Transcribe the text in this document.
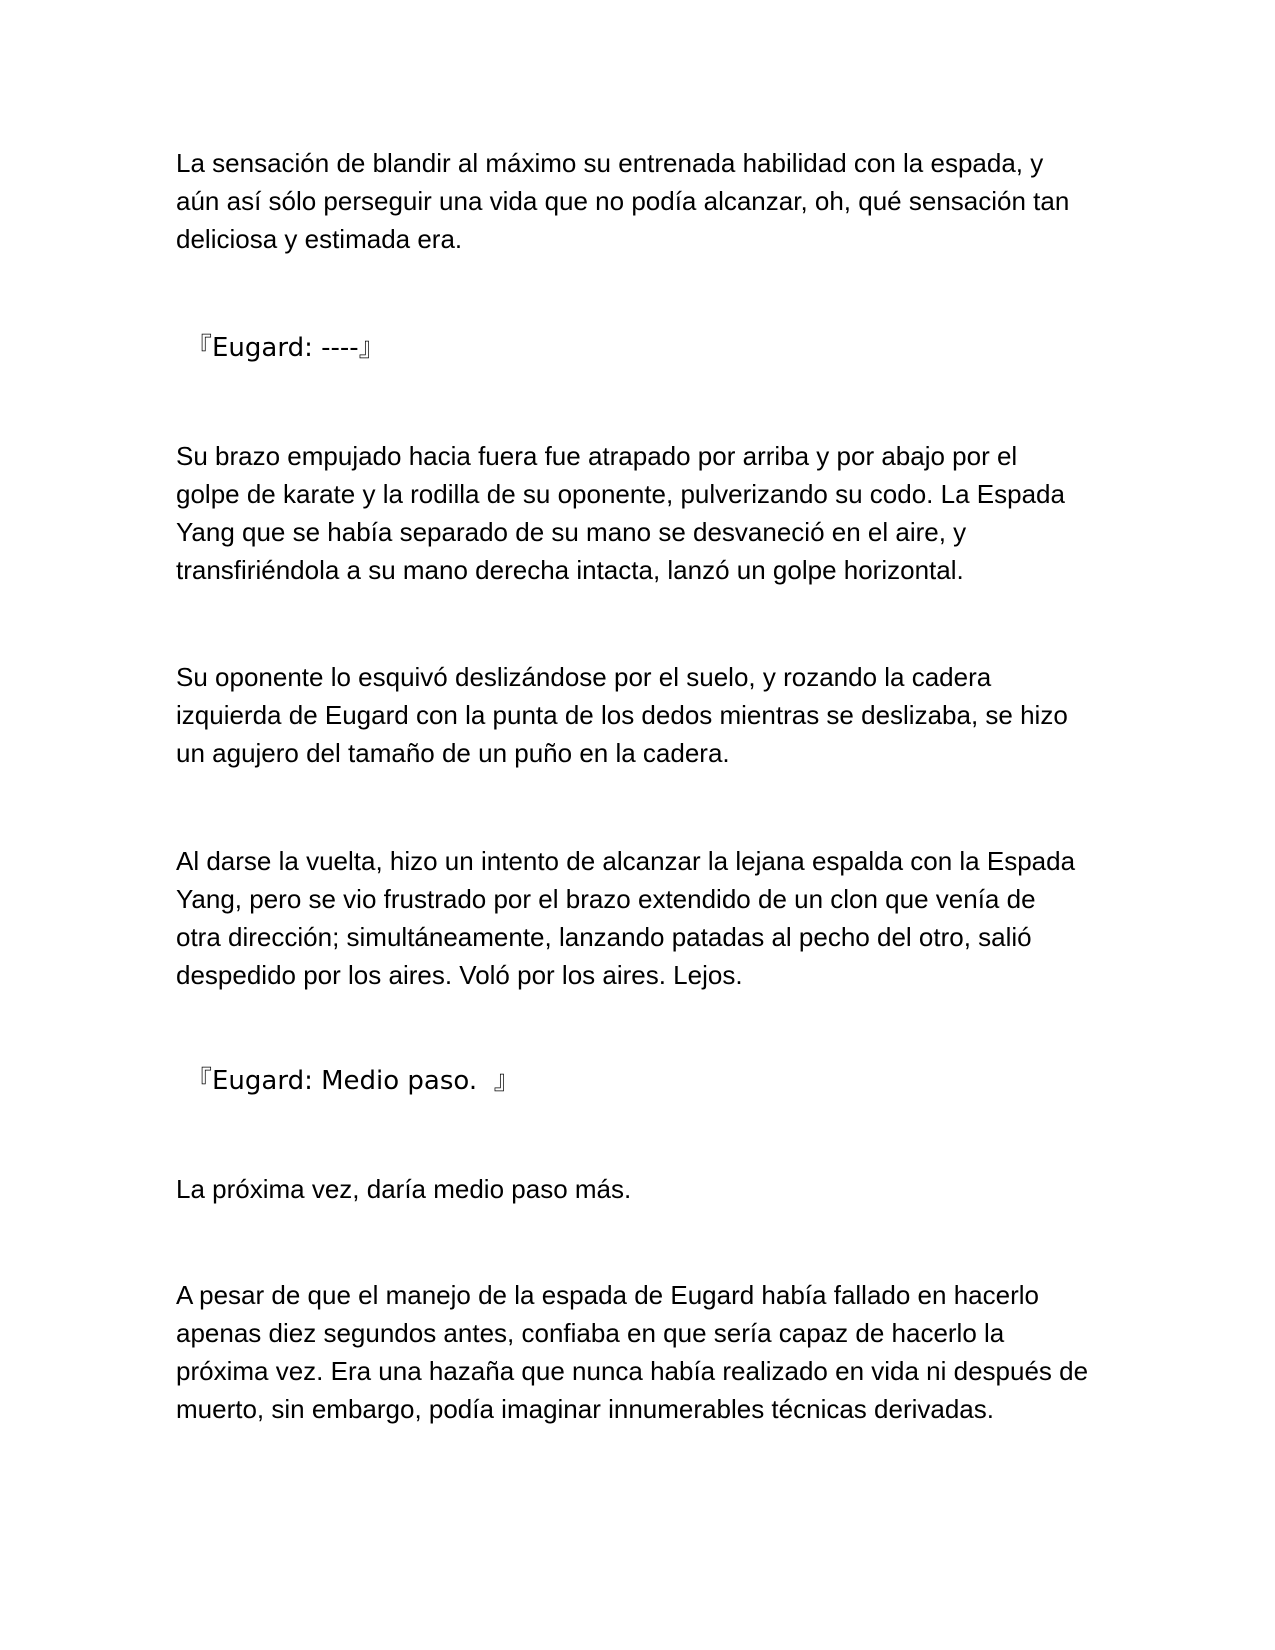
La sensación de blandir al máximo su entrenada habilidad con la espada, y
aún así sólo perseguir una vida que no podía alcanzar, oh, qué sensación tan
deliciosa y estimada era.

『Eugard: ----』

Su brazo empujado hacia fuera fue atrapado por arriba y por abajo por el
golpe de karate y la rodilla de su oponente, pulverizando su codo. La Espada
Yang que se había separado de su mano se desvaneció en el aire, y
transfiriéndola a su mano derecha intacta, lanzó un golpe horizontal.

Su oponente lo esquivó deslizándose por el suelo, y rozando la cadera
izquierda de Eugard con la punta de los dedos mientras se deslizaba, se hizo
un agujero del tamaño de un puño en la cadera.

Al darse la vuelta, hizo un intento de alcanzar la lejana espalda con la Espada
Yang, pero se vio frustrado por el brazo extendido de un clon que venía de
otra dirección; simultáneamente, lanzando patadas al pecho del otro, salió
despedido por los aires. Voló por los aires. Lejos.

『Eugard: Medio paso.  』

La próxima vez, daría medio paso más.

A pesar de que el manejo de la espada de Eugard había fallado en hacerlo
apenas diez segundos antes, confiaba en que sería capaz de hacerlo la
próxima vez. Era una hazaña que nunca había realizado en vida ni después de
muerto, sin embargo, podía imaginar innumerables técnicas derivadas.
